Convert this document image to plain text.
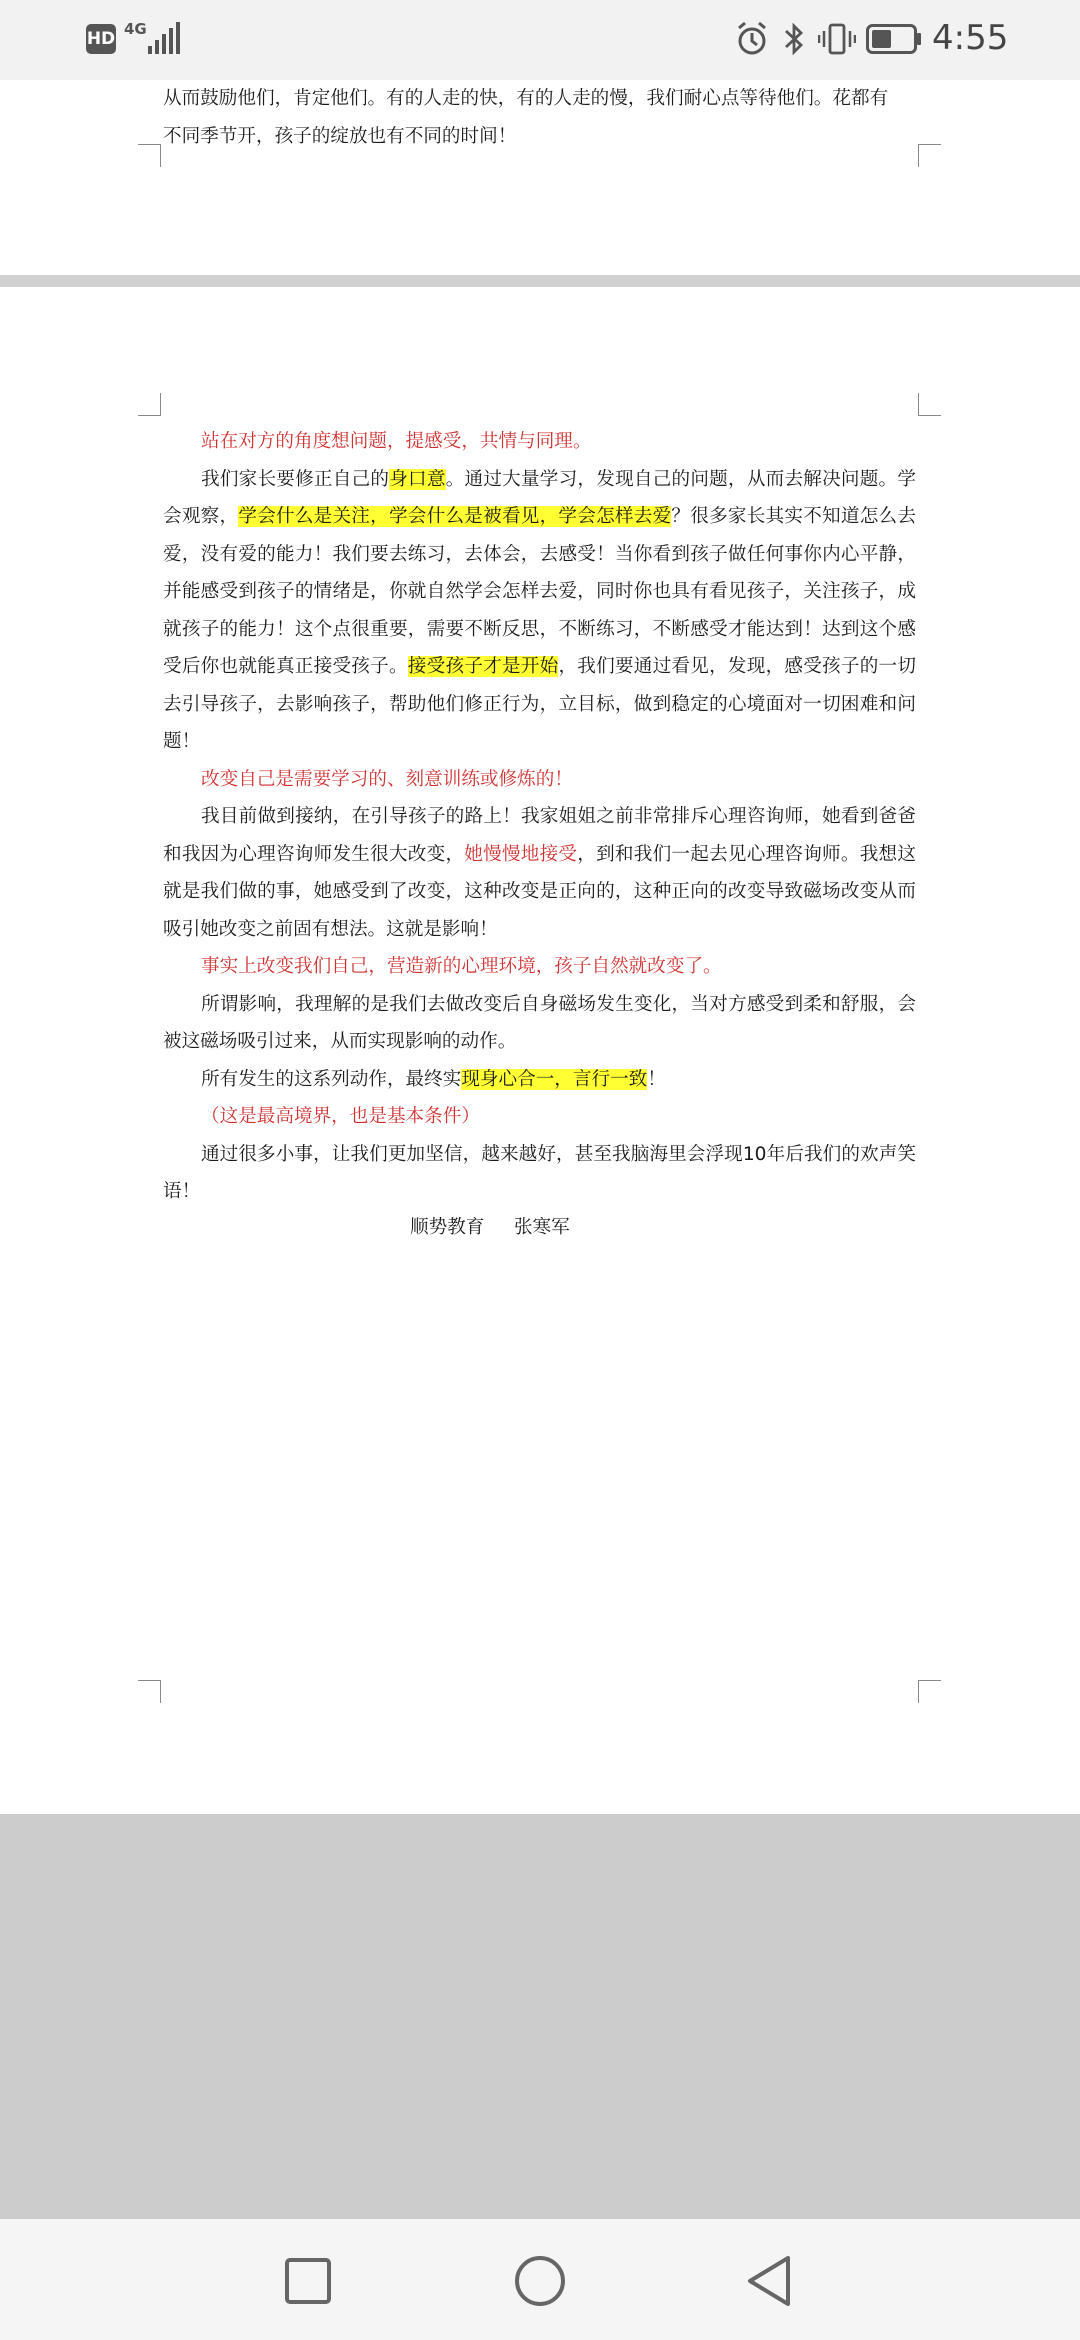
HD 4G	4:55

从而鼓励他们，肯定他们。有的人走的快，有的人走的慢，我们耐心点等待他们。花都有

不同季节开，孩子的绽放也有不同的时间！

站在对方的角度想问题，提感受，共情与同理。

我们家长要修正自己的身口意。通过大量学习，发现自己的问题，从而去解决问题。学会观察，学会什么是关注，学会什么是被看见，学会怎样去爱？很多家长其实不知道怎么去爱，没有爱的能力！我们要去练习，去体会，去感受！当你看到孩子做任何事你内心平静，并能感受到孩子的情绪是，你就自然学会怎样去爱，同时你也具有看见孩子，关注孩子，成就孩子的能力！这个点很重要，需要不断反思，不断练习，不断感受才能达到！达到这个感受后你也就能真正接受孩子。接受孩子才是开始，我们要通过看见，发现，感受孩子的一切去引导孩子，去影响孩子，帮助他们修正行为，立目标，做到稳定的心境面对一切困难和问题！

改变自己是需要学习的、刻意训练或修炼的！

我目前做到接纳，在引导孩子的路上！我家姐姐之前非常排斥心理咨询师，她看到爸爸和我因为心理咨询师发生很大改变，她慢慢地接受，到和我们一起去见心理咨询师。我想这就是我们做的事，她感受到了改变，这种改变是正向的，这种正向的改变导致磁场改变从而吸引她改变之前固有想法。这就是影响！

事实上改变我们自己，营造新的心理环境，孩子自然就改变了。

所谓影响，我理解的是我们去做改变后自身磁场发生变化，当对方感受到柔和舒服，会被这磁场吸引过来，从而实现影响的动作。

所有发生的这系列动作，最终实现身心合一，言行一致！

（这是最高境界，也是基本条件）

通过很多小事，让我们更加坚信，越来越好，甚至我脑海里会浮现10年后我们的欢声笑语！

顺势教育 张寒军
